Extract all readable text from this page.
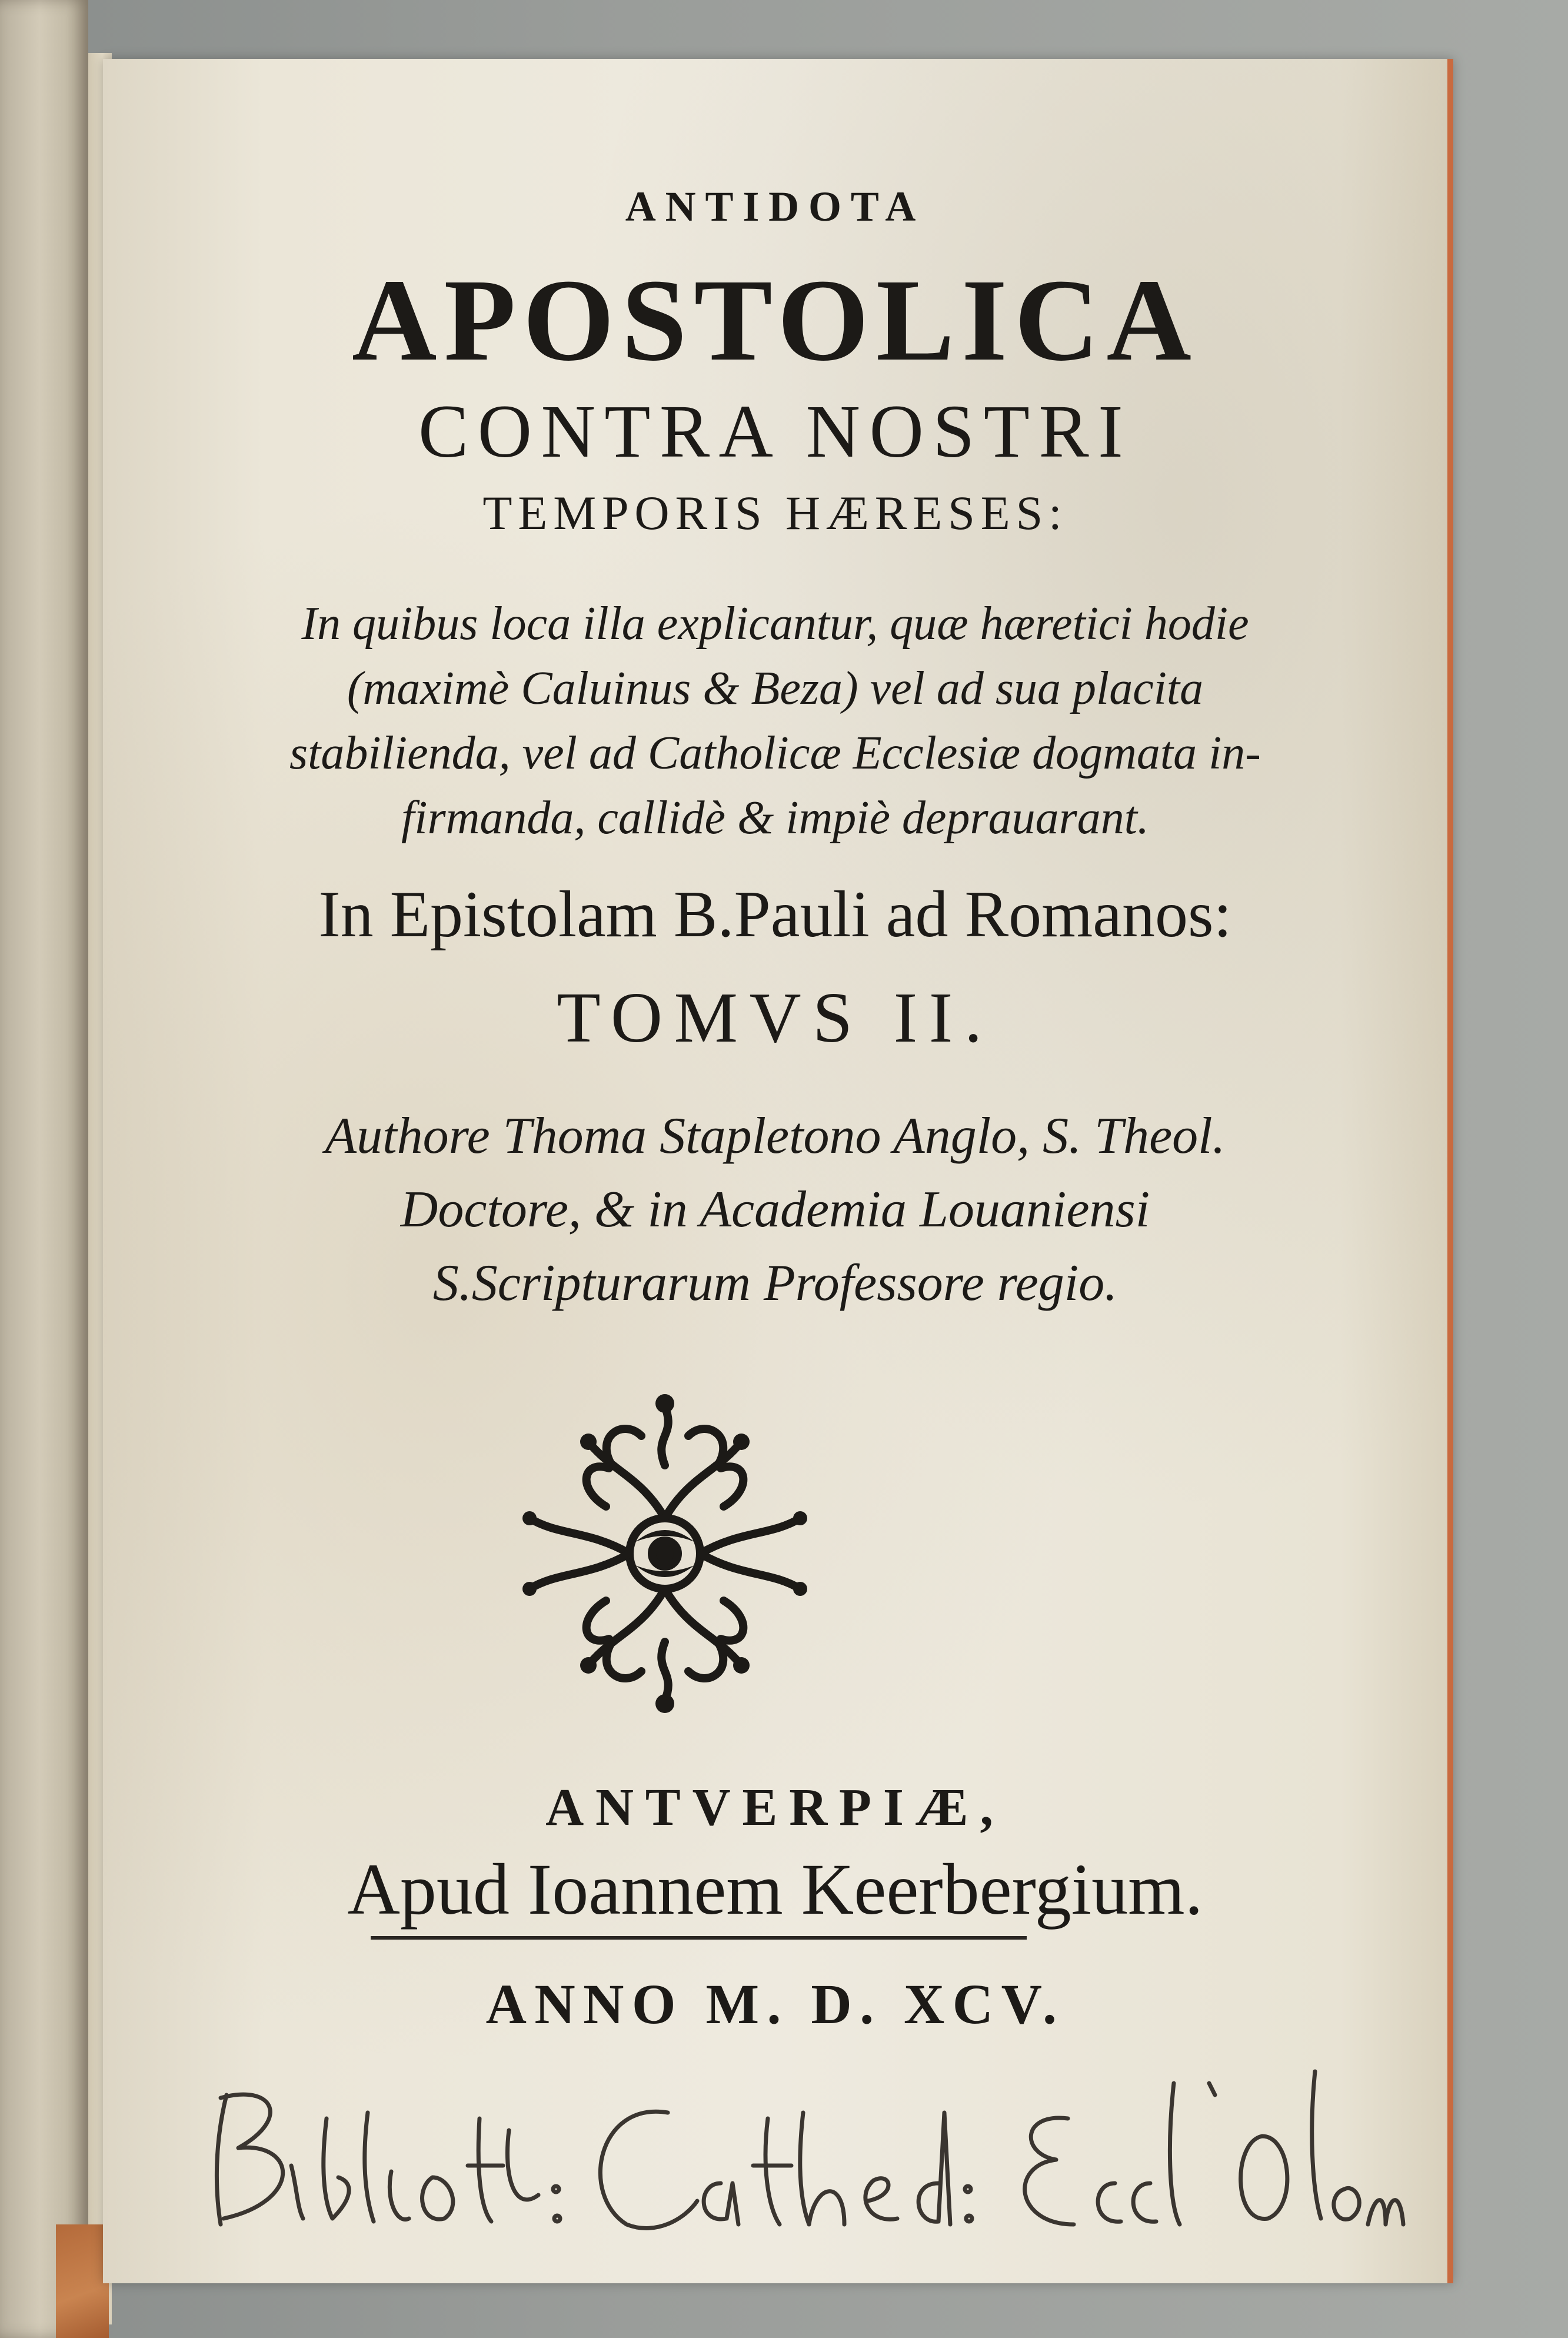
ANTIDOTA

APOSTOLICA

CONTRA NOSTRI

TEMPORIS HÆRESES:

In quibus loca illa explicantur, quæ hæretici hodie

(maximè Caluinus & Beza) vel ad sua placita

stabilienda, vel ad Catholicæ Ecclesiæ dogmata in-

firmanda, callidè & impiè deprauarant.

In Epistolam B.Pauli ad Romanos:

TOMVS II.

Authore Thoma Stapletono Anglo, S. Theol.

Doctore, & in Academia Louaniensi

S.Scripturarum Professore regio.

ANTVERPIÆ,

Apud Ioannem Keerbergium.

ANNO M. D. XCV.
